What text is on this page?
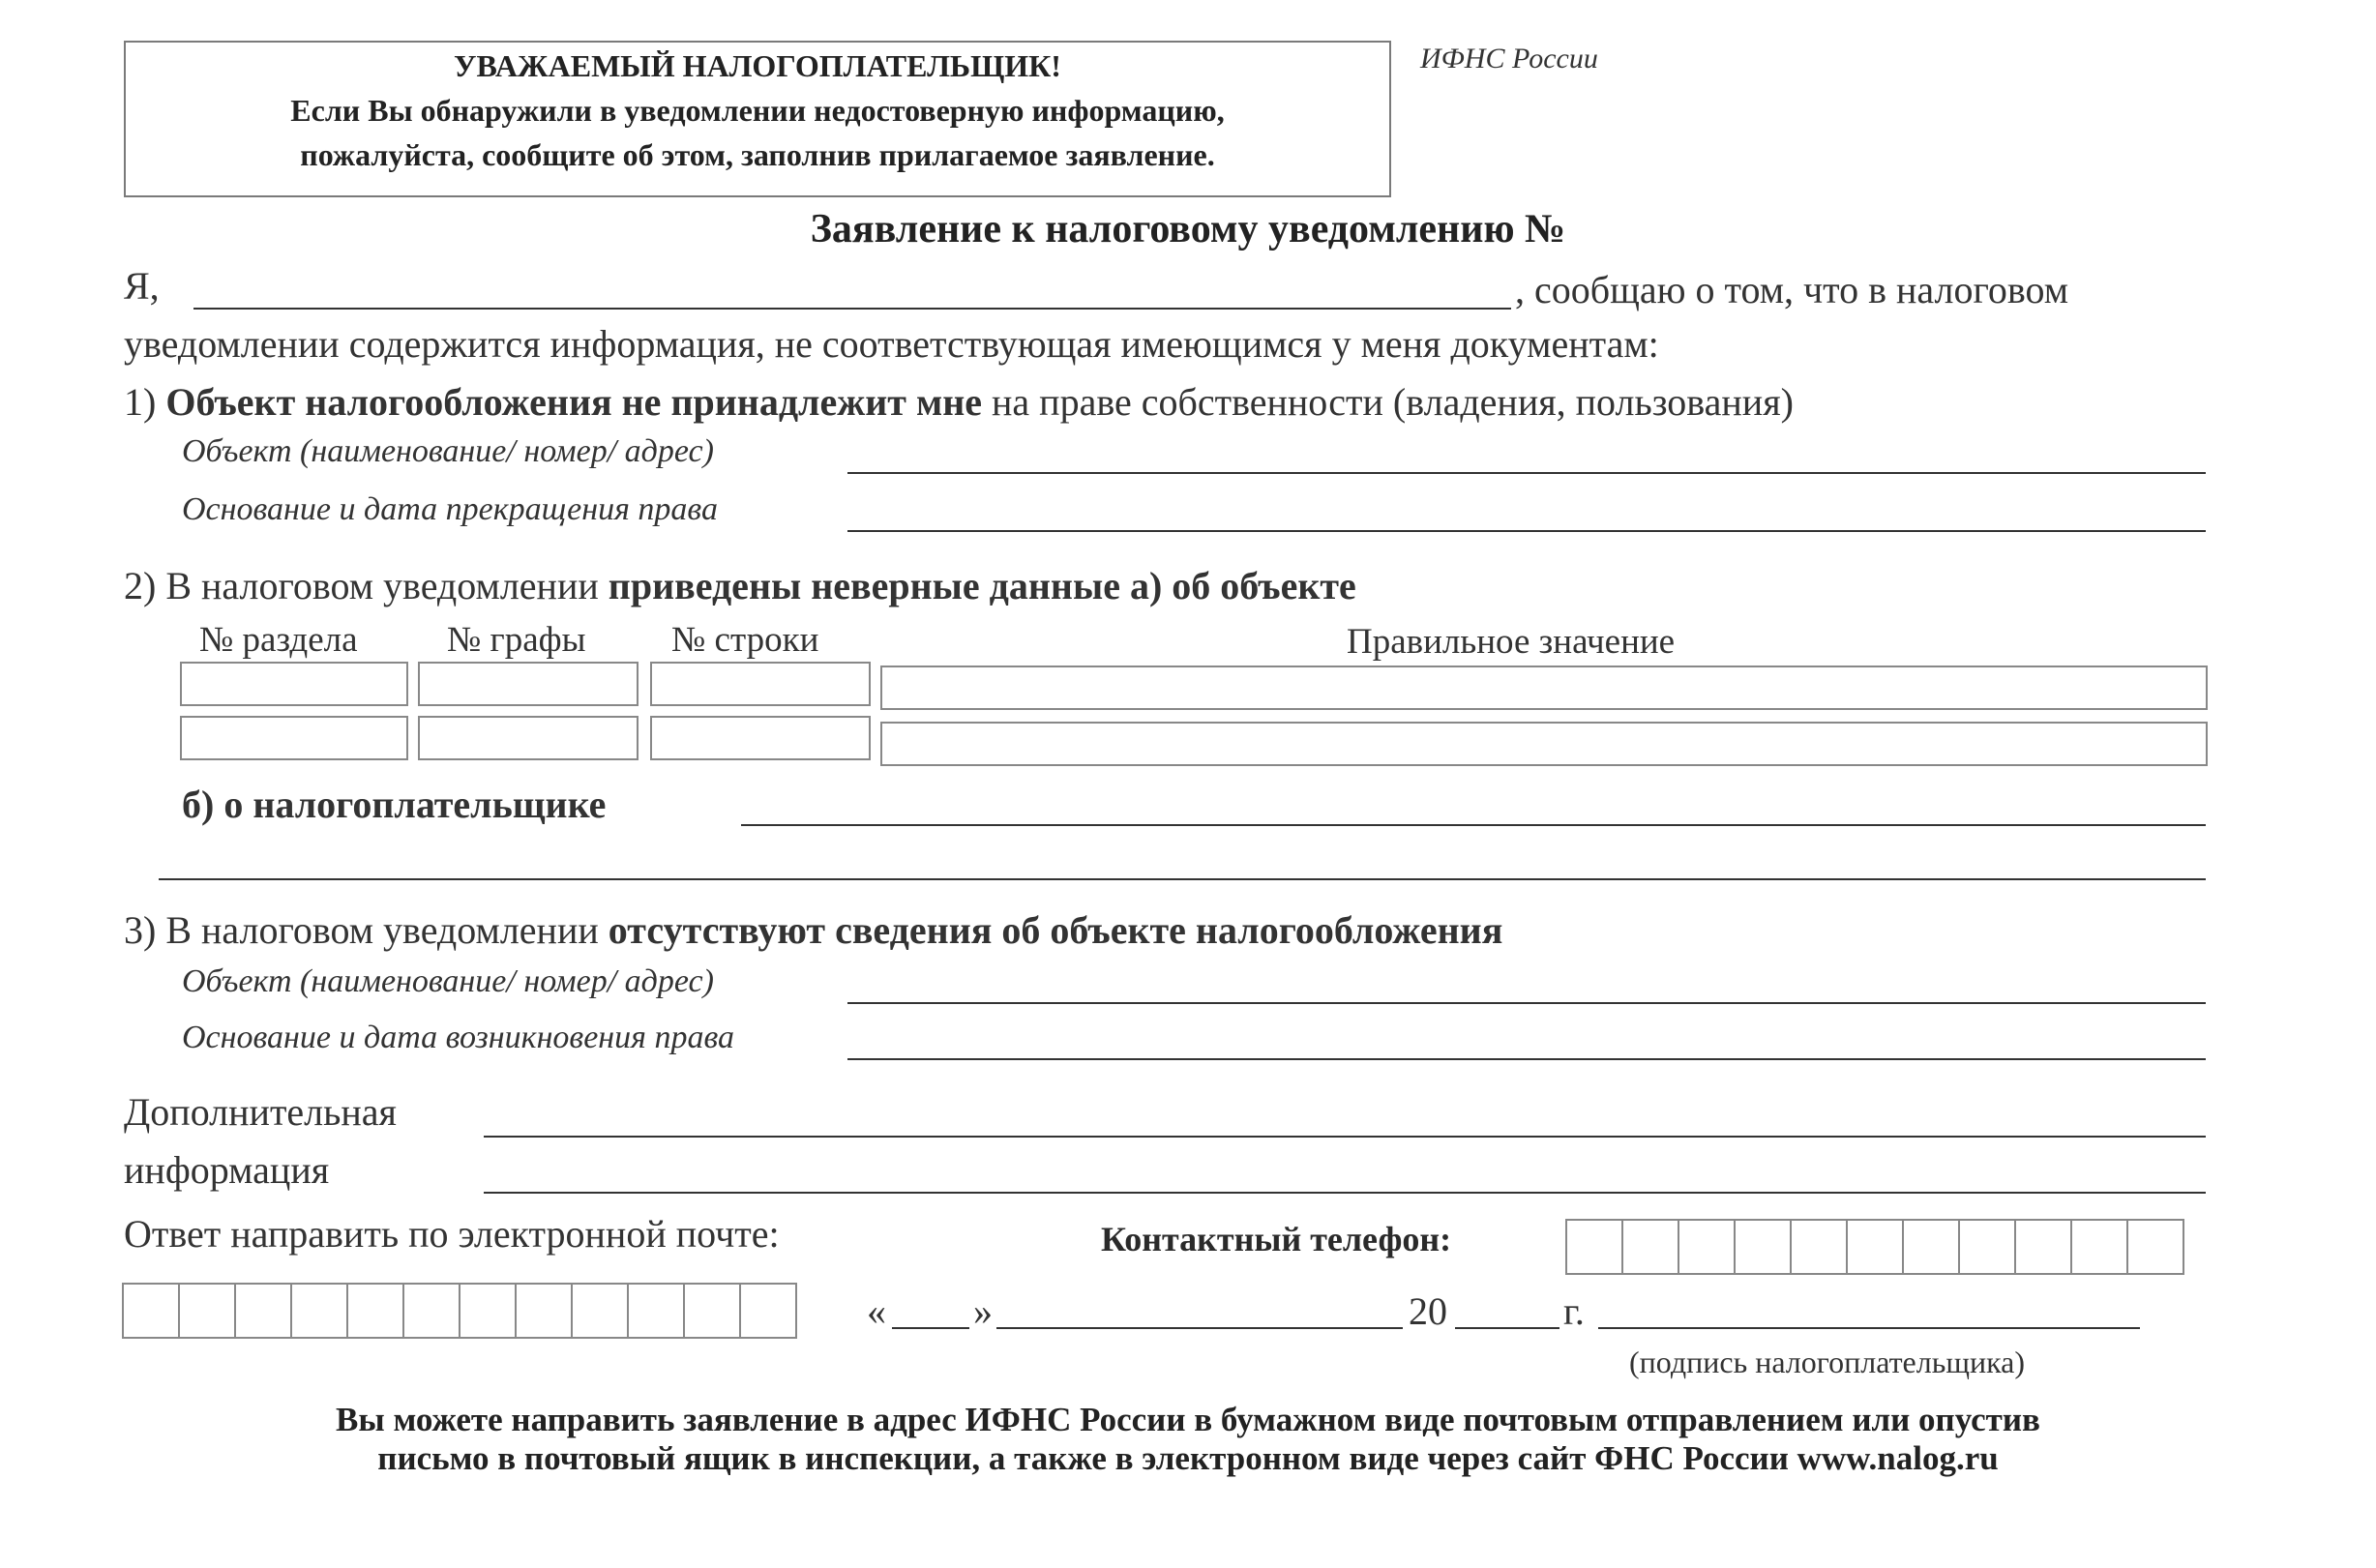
УВАЖАЕМЫЙ НАЛОГОПЛАТЕЛЬЩИК!
Если Вы обнаружили в уведомлении недостоверную информацию,
пожалуйста, сообщите об этом, заполнив прилагаемое заявление.
ИФНС России
Заявление к налоговому уведомлению №
Я,	, сообщаю о том, что в налоговом
уведомлении содержится информация, не соответствующая имеющимся у меня документам:
1) Объект налогообложения не принадлежит мне на праве собственности (владения, пользования)
Объект (наименование/ номер/ адрес)
Основание и дата прекращения права
2) В налоговом уведомлении приведены неверные данные а) об объекте
№ раздела № графы № строки	Правильное значение
б) о налогоплательщике
3) В налоговом уведомлении отсутствуют сведения об объекте налогообложения
Объект (наименование/ номер/ адрес)
Основание и дата возникновения права
Дополнительная
информация
Ответ направить по электронной почте:	Контактный телефон:
« »	20	г.
(подпись налогоплательщика)
Вы можете направить заявление в адрес ИФНС России в бумажном виде почтовым отправлением или опустив
письмо в почтовый ящик в инспекции, а также в электронном виде через сайт ФНС России www.nalog.ru
